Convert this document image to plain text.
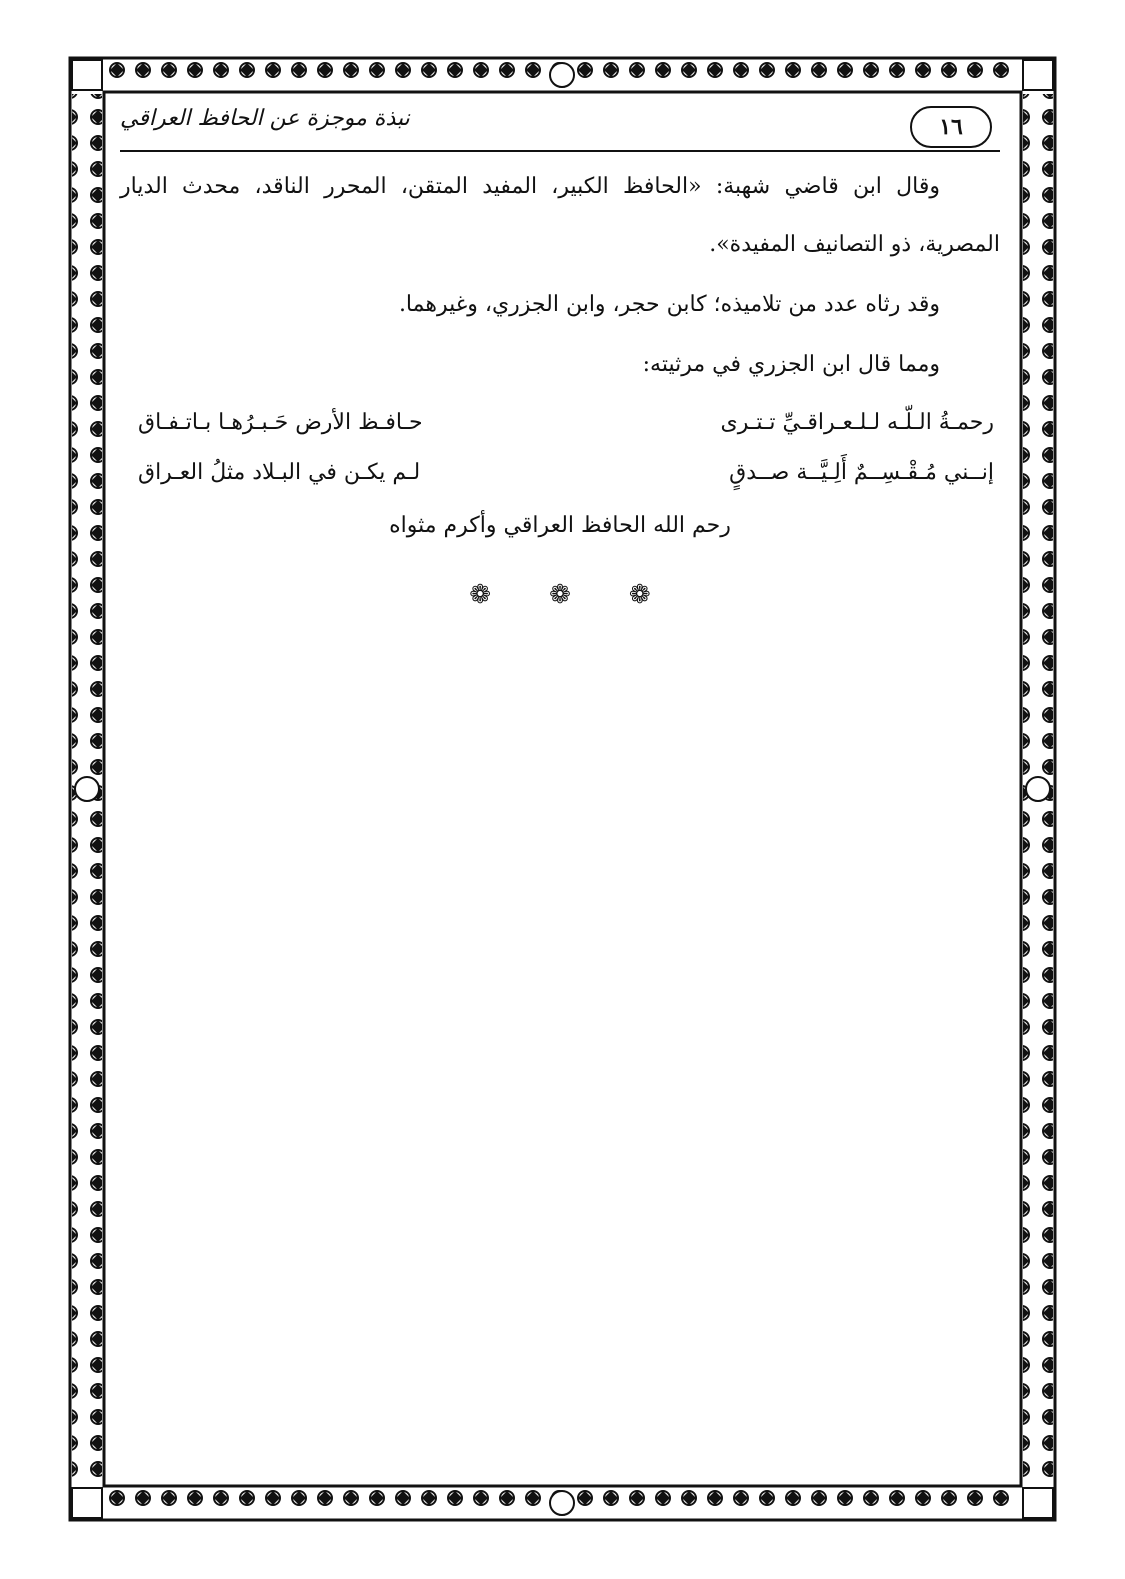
١٦
نبذة موجزة عن الحافظ العراقي

وقال ابن قاضي شهبة: «الحافظ الكبير، المفيد المتقن، المحرر الناقد، محدث الديار المصرية، ذو التصانيف المفيدة».

وقد رثاه عدد من تلاميذه؛ كابن حجر، وابن الجزري، وغيرهما.

ومما قال ابن الجزري في مرثيته:

رحمـةُ الـلّـه لـلـعـراقـيِّ تـتـرى
حـافـظ الأرض حَـبـرُهـا بـاتـفـاق
إنــني مُـقْـسِــمٌ أَلِـيَّــة صــدقٍ
لـم يكـن في البـلاد مثلُ العـراق

رحم الله الحافظ العراقي وأكرم مثواه

❁ ❁ ❁
